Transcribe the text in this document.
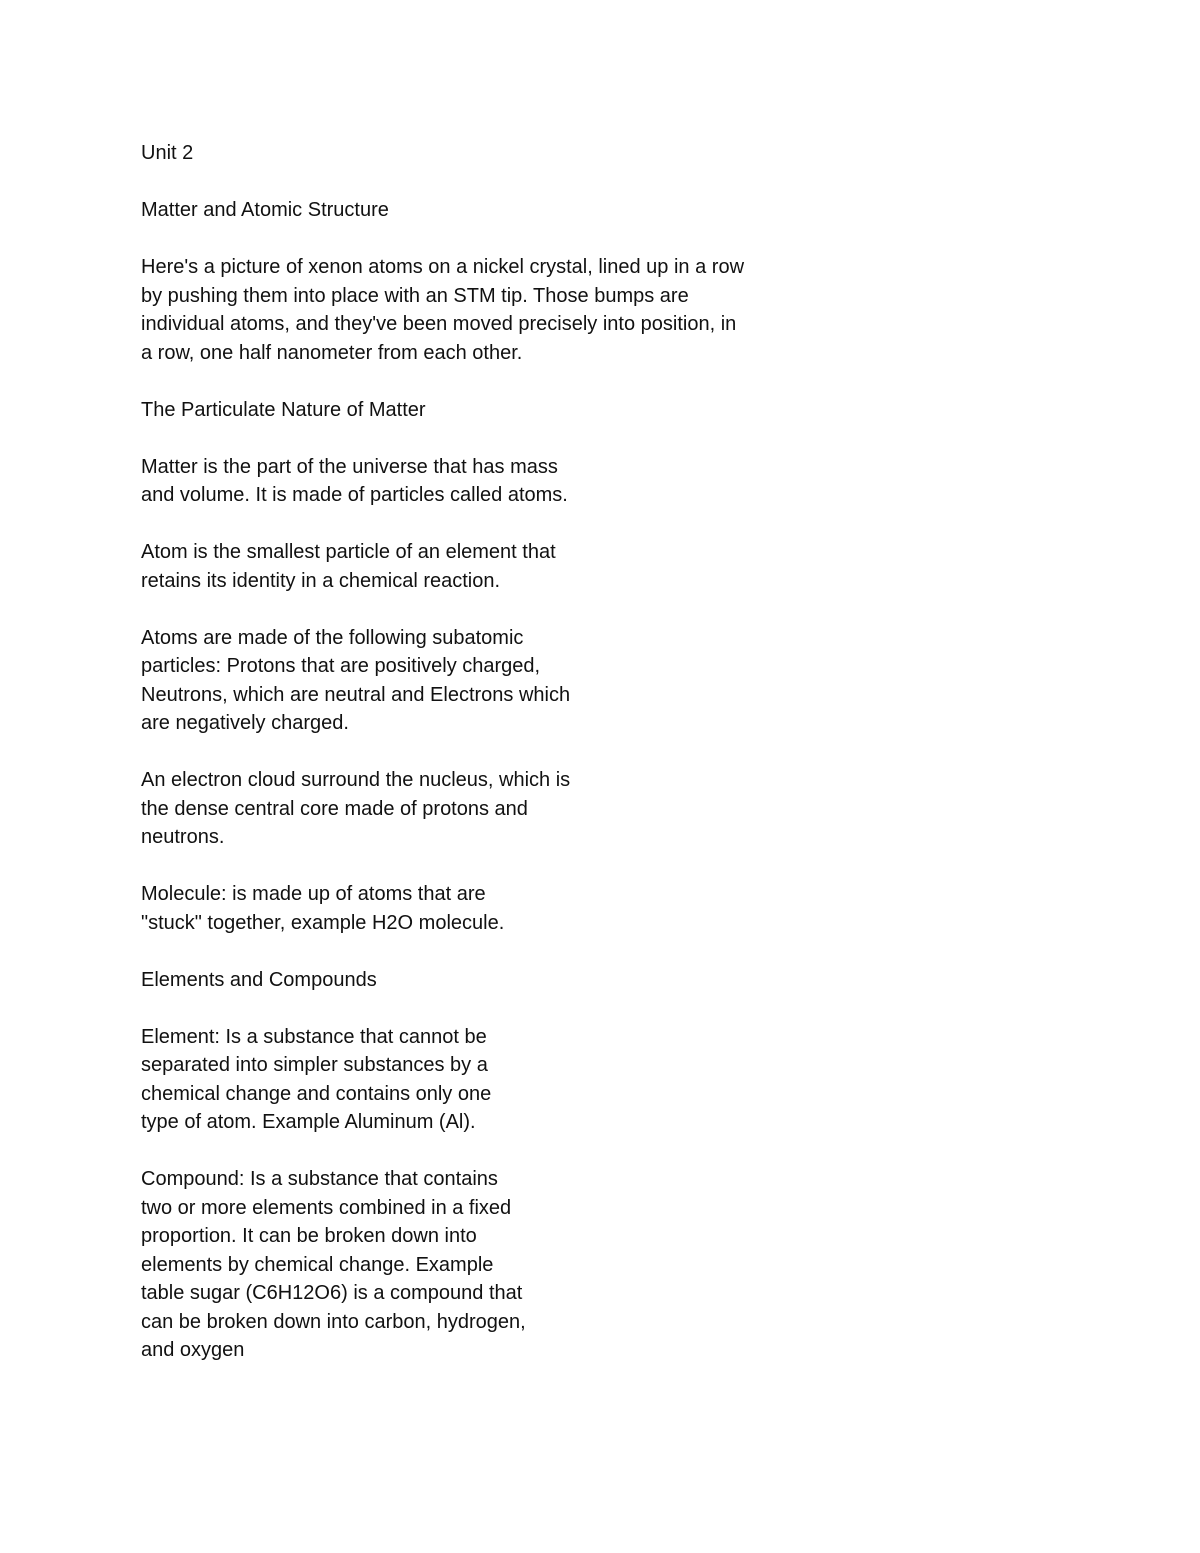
Unit 2

Matter and Atomic Structure

Here's a picture of xenon atoms on a nickel crystal, lined up in a row
by pushing them into place with an STM tip. Those bumps are
individual atoms, and they've been moved precisely into position, in
a row, one half nanometer from each other.

The Particulate Nature of Matter

Matter is the part of the universe that has mass
and volume. It is made of particles called atoms.

Atom is the smallest particle of an element that
retains its identity in a chemical reaction.

Atoms are made of the following subatomic
particles: Protons that are positively charged,
Neutrons, which are neutral and Electrons which
are negatively charged.

An electron cloud surround the nucleus, which is
the dense central core made of protons and
neutrons.

Molecule: is made up of atoms that are
"stuck" together, example H2O molecule.

Elements and Compounds

Element: Is a substance that cannot be
separated into simpler substances by a
chemical change and contains only one
type of atom. Example Aluminum (Al).

Compound: Is a substance that contains
two or more elements combined in a fixed
proportion. It can be broken down into
elements by chemical change. Example
table sugar (C6H12O6) is a compound that
can be broken down into carbon, hydrogen,
and oxygen
